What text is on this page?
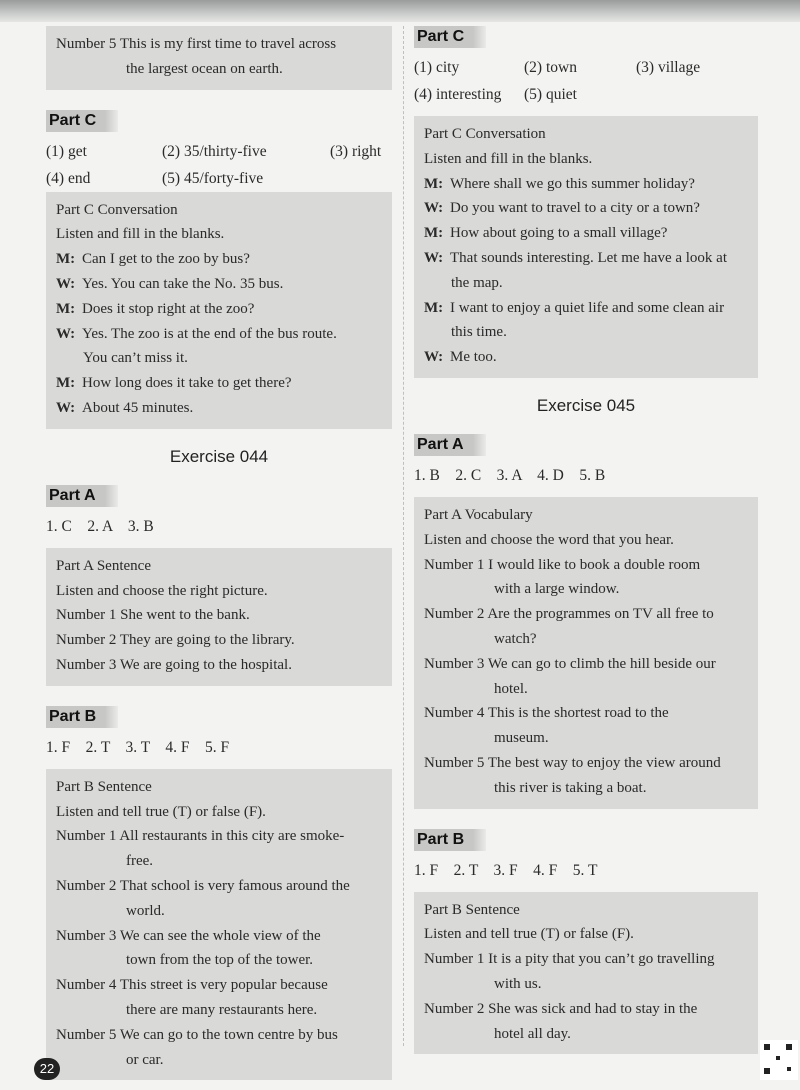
Number 5 This is my first time to travel across
the largest ocean on earth.
Part C
(1) get	(2) 35/thirty-five	(3) right
(4) end	(5) 45/forty-five
Part C Conversation
Listen and fill in the blanks.
M: Can I get to the zoo by bus?
W: Yes. You can take the No. 35 bus.
M: Does it stop right at the zoo?
W: Yes. The zoo is at the end of the bus route.
You can’t miss it.
M: How long does it take to get there?
W: About 45 minutes.
Exercise 044
Part A
1. C    2. A    3. B
Part A Sentence
Listen and choose the right picture.
Number 1 She went to the bank.
Number 2 They are going to the library.
Number 3 We are going to the hospital.
Part B
1. F    2. T    3. T    4. F    5. F
Part B Sentence
Listen and tell true (T) or false (F).
Number 1 All restaurants in this city are smoke-
free.
Number 2 That school is very famous around the
world.
Number 3 We can see the whole view of the
town from the top of the tower.
Number 4 This street is very popular because
there are many restaurants here.
Number 5 We can go to the town centre by bus
or car.
Part C
(1) city	(2) town	(3) village
(4) interesting (5) quiet
Part C Conversation
Listen and fill in the blanks.
M: Where shall we go this summer holiday?
W: Do you want to travel to a city or a town?
M: How about going to a small village?
W: That sounds interesting. Let me have a look at
the map.
M: I want to enjoy a quiet life and some clean air
this time.
W: Me too.
Exercise 045
Part A
1. B    2. C    3. A    4. D    5. B
Part A Vocabulary
Listen and choose the word that you hear.
Number 1 I would like to book a double room
with a large window.
Number 2 Are the programmes on TV all free to
watch?
Number 3 We can go to climb the hill beside our
hotel.
Number 4 This is the shortest road to the
museum.
Number 5 The best way to enjoy the view around
this river is taking a boat.
Part B
1. F    2. T    3. F    4. F    5. T
Part B Sentence
Listen and tell true (T) or false (F).
Number 1 It is a pity that you can’t go travelling
with us.
Number 2 She was sick and had to stay in the
hotel all day.
22
